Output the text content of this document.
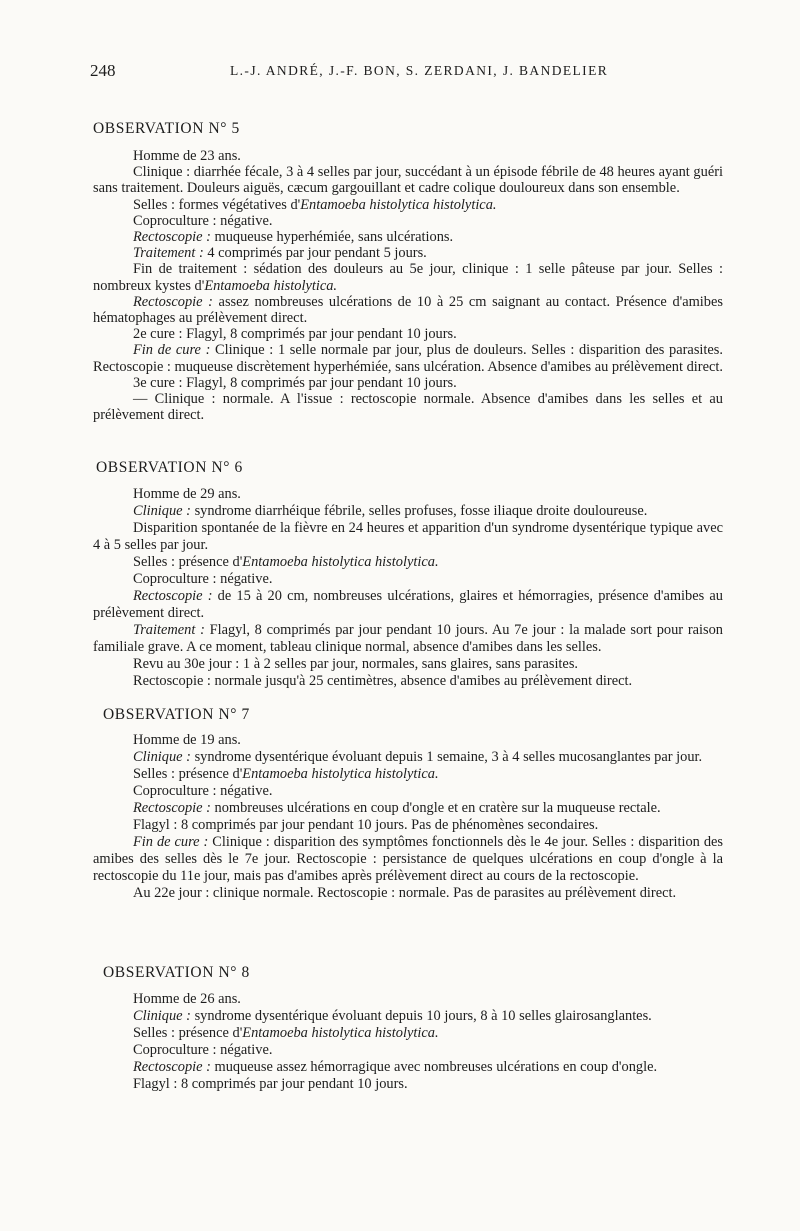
248	L.-J. ANDRÉ, J.-F. BON, S. ZERDANI, J. BANDELIER
OBSERVATION N° 5

Homme de 23 ans.

Clinique : diarrhée fécale, 3 à 4 selles par jour, succédant à un épisode fébrile de 48 heures ayant guéri sans traitement. Douleurs aiguës, cæcum gargouillant et cadre colique douloureux dans son ensemble.

Selles : formes végétatives d'Entamoeba histolytica histolytica.

Coproculture : négative.

Rectoscopie : muqueuse hyperhémiée, sans ulcérations.

Traitement : 4 comprimés par jour pendant 5 jours.

Fin de traitement : sédation des douleurs au 5e jour, clinique : 1 selle pâteuse par jour. Selles : nombreux kystes d'Entamoeba histolytica.

Rectoscopie : assez nombreuses ulcérations de 10 à 25 cm saignant au contact. Présence d'amibes hématophages au prélèvement direct.

2e cure : Flagyl, 8 comprimés par jour pendant 10 jours.

Fin de cure : Clinique : 1 selle normale par jour, plus de douleurs. Selles : disparition des parasites. Rectoscopie : muqueuse discrètement hyperhémiée, sans ulcération. Absence d'amibes au prélèvement direct.

3e cure : Flagyl, 8 comprimés par jour pendant 10 jours.

— Clinique : normale. A l'issue : rectoscopie normale. Absence d'amibes dans les selles et au prélèvement direct.

OBSERVATION N° 6

Homme de 29 ans.

Clinique : syndrome diarrhéique fébrile, selles profuses, fosse iliaque droite douloureuse.

Disparition spontanée de la fièvre en 24 heures et apparition d'un syndrome dysentérique typique avec 4 à 5 selles par jour.

Selles : présence d'Entamoeba histolytica histolytica.

Coproculture : négative.

Rectoscopie : de 15 à 20 cm, nombreuses ulcérations, glaires et hémorragies, présence d'amibes au prélèvement direct.

Traitement : Flagyl, 8 comprimés par jour pendant 10 jours. Au 7e jour : la malade sort pour raison familiale grave. A ce moment, tableau clinique normal, absence d'amibes dans les selles.

Revu au 30e jour : 1 à 2 selles par jour, normales, sans glaires, sans parasites.

Rectoscopie : normale jusqu'à 25 centimètres, absence d'amibes au prélèvement direct.

OBSERVATION N° 7

Homme de 19 ans.

Clinique : syndrome dysentérique évoluant depuis 1 semaine, 3 à 4 selles mucosanglantes par jour.

Selles : présence d'Entamoeba histolytica histolytica.

Coproculture : négative.

Rectoscopie : nombreuses ulcérations en coup d'ongle et en cratère sur la muqueuse rectale.

Flagyl : 8 comprimés par jour pendant 10 jours. Pas de phénomènes secondaires.

Fin de cure : Clinique : disparition des symptômes fonctionnels dès le 4e jour. Selles : disparition des amibes des selles dès le 7e jour. Rectoscopie : persistance de quelques ulcérations en coup d'ongle à la rectoscopie du 11e jour, mais pas d'amibes après prélèvement direct au cours de la rectoscopie.

Au 22e jour : clinique normale. Rectoscopie : normale. Pas de parasites au prélèvement direct.

OBSERVATION N° 8

Homme de 26 ans.

Clinique : syndrome dysentérique évoluant depuis 10 jours, 8 à 10 selles glairosanglantes.

Selles : présence d'Entamoeba histolytica histolytica.

Coproculture : négative.

Rectoscopie : muqueuse assez hémorragique avec nombreuses ulcérations en coup d'ongle.

Flagyl : 8 comprimés par jour pendant 10 jours.
